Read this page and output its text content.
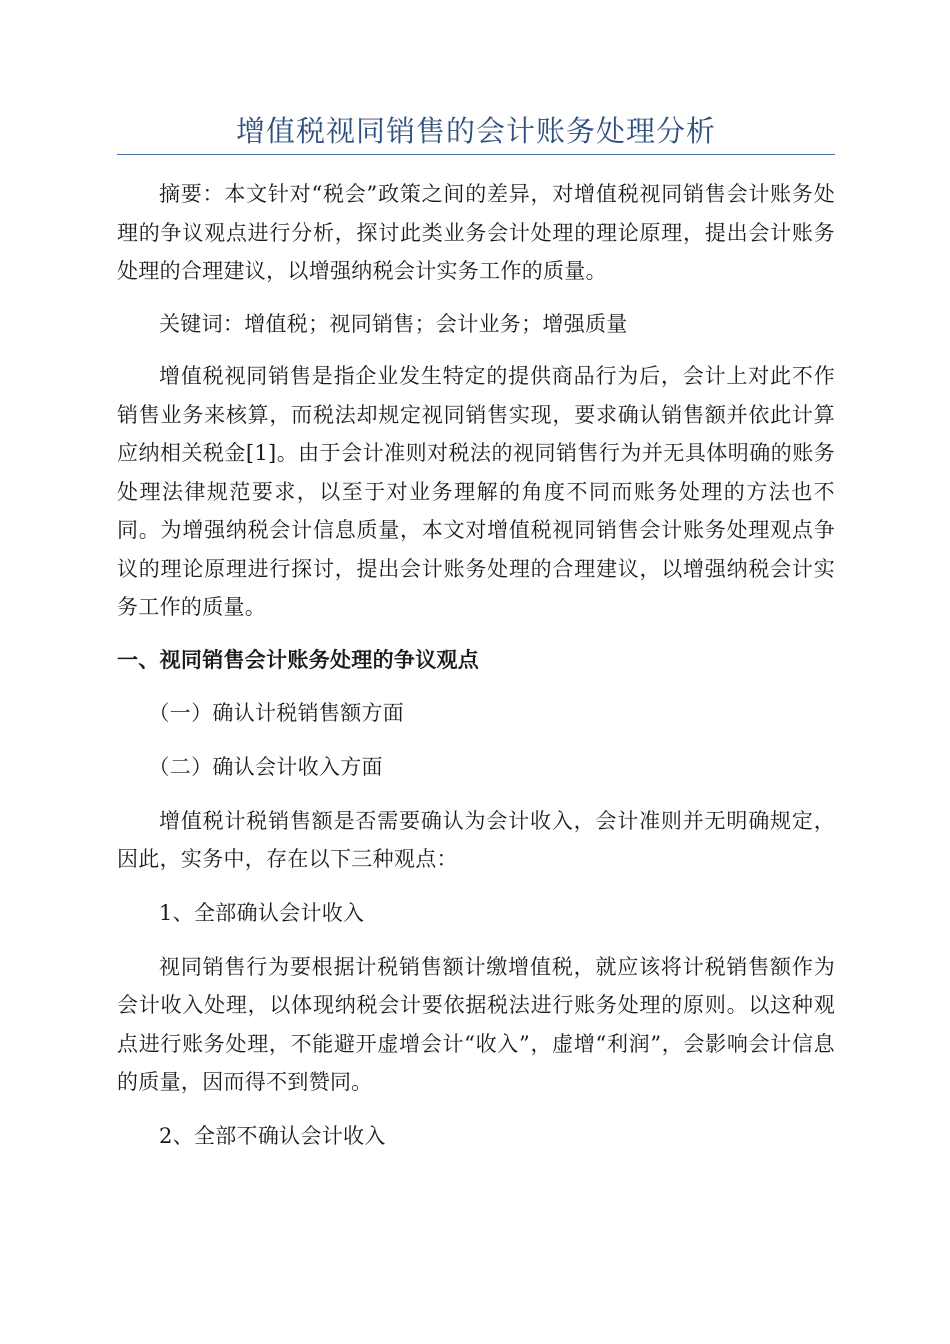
增值税视同销售的会计账务处理分析

摘要：本文针对“税会”政策之间的差异，对增值税视同销售会计账务处理的争议观点进行分析，探讨此类业务会计处理的理论原理，提出会计账务处理的合理建议，以增强纳税会计实务工作的质量。

关键词：增值税；视同销售；会计业务；增强质量

增值税视同销售是指企业发生特定的提供商品行为后，会计上对此不作销售业务来核算，而税法却规定视同销售实现，要求确认销售额并依此计算应纳相关税金[1]。由于会计准则对税法的视同销售行为并无具体明确的账务处理法律规范要求，以至于对业务理解的角度不同而账务处理的方法也不同。为增强纳税会计信息质量，本文对增值税视同销售会计账务处理观点争议的理论原理进行探讨，提出会计账务处理的合理建议，以增强纳税会计实务工作的质量。

一、视同销售会计账务处理的争议观点

（一）确认计税销售额方面

（二）确认会计收入方面

增值税计税销售额是否需要确认为会计收入，会计准则并无明确规定，因此，实务中，存在以下三种观点：

1、全部确认会计收入

视同销售行为要根据计税销售额计缴增值税，就应该将计税销售额作为会计收入处理，以体现纳税会计要依据税法进行账务处理的原则。以这种观点进行账务处理，不能避开虚增会计“收入”，虚增“利润”，会影响会计信息的质量，因而得不到赞同。

2、全部不确认会计收入
